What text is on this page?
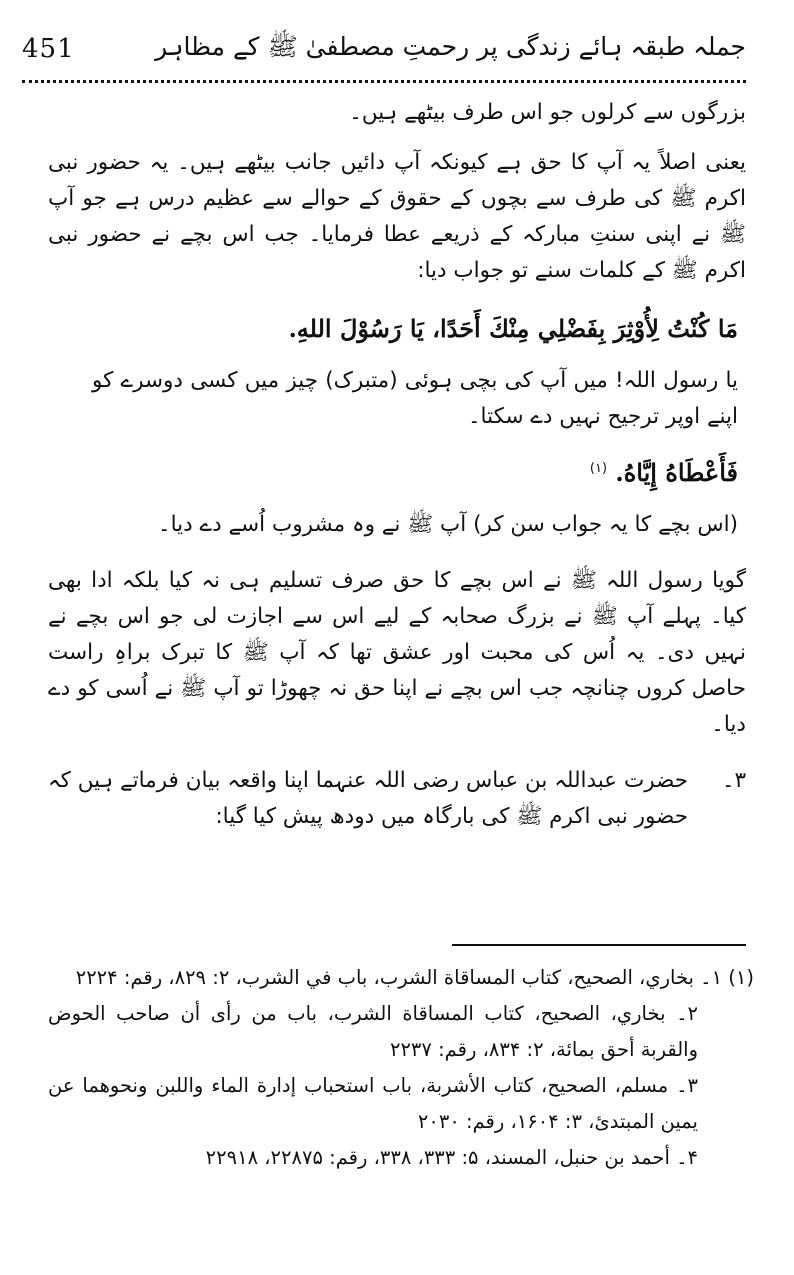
جملہ طبقہ ہائے زندگی پر رحمتِ مصطفیٰ ﷺ کے مظاہر
451

بزرگوں سے کرلوں جو اس طرف بیٹھے ہیں۔

یعنی اصلاً یہ آپ کا حق ہے کیونکہ آپ دائیں جانب بیٹھے ہیں۔ یہ حضور نبی اکرم ﷺ کی طرف سے بچوں کے حقوق کے حوالے سے عظیم درس ہے جو آپ ﷺ نے اپنی سنتِ مبارکہ کے ذریعے عطا فرمایا۔ جب اس بچے نے حضور نبی اکرم ﷺ کے کلمات سنے تو جواب دیا:

مَا كُنْتُ لِأُوْثِرَ بِفَضْلِي مِنْكَ أَحَدًا، يَا رَسُوْلَ اللهِ.

یا رسول اللہ! میں آپ کی بچی ہوئی (متبرک) چیز میں کسی دوسرے کو اپنے اوپر ترجیح نہیں دے سکتا۔

فَأَعْطَاهُ إِيَّاهُ. $^{(۱)}$

(اس بچے کا یہ جواب سن کر) آپ ﷺ نے وہ مشروب اُسے دے دیا۔

گویا رسول اللہ ﷺ نے اس بچے کا حق صرف تسلیم ہی نہ کیا بلکہ ادا بھی کیا۔ پہلے آپ ﷺ نے بزرگ صحابہ کے لیے اس سے اجازت لی جو اس بچے نے نہیں دی۔ یہ اُس کی محبت اور عشق تھا کہ آپ ﷺ کا تبرک براہِ راست حاصل کروں چنانچہ جب اس بچے نے اپنا حق نہ چھوڑا تو آپ ﷺ نے اُسی کو دے دیا۔

۳۔

حضرت عبداللہ بن عباس رضی اللہ عنہما اپنا واقعہ بیان فرماتے ہیں کہ حضور نبی اکرم ﷺ کی بارگاہ میں دودھ پیش کیا گیا:

(۱) ۱۔ بخاري، الصحيح، كتاب المساقاة الشرب، باب في الشرب، ۲: ۸۲۹، رقم: ۲۲۲۴

۲۔ بخاري، الصحيح، كتاب المساقاة الشرب، باب من رأى أن صاحب الحوض والقربة أحق بمائة، ۲: ۸۳۴، رقم: ۲۲۳۷

۳۔ مسلم، الصحيح، كتاب الأشربة، باب استحباب إدارة الماء واللبن ونحوهما عن يمين المبتدئ، ۳: ۱۶۰۴، رقم: ۲۰۳۰

۴۔ أحمد بن حنبل، المسند، ۵: ۳۳۳، ۳۳۸، رقم: ۲۲۸۷۵، ۲۲۹۱۸
